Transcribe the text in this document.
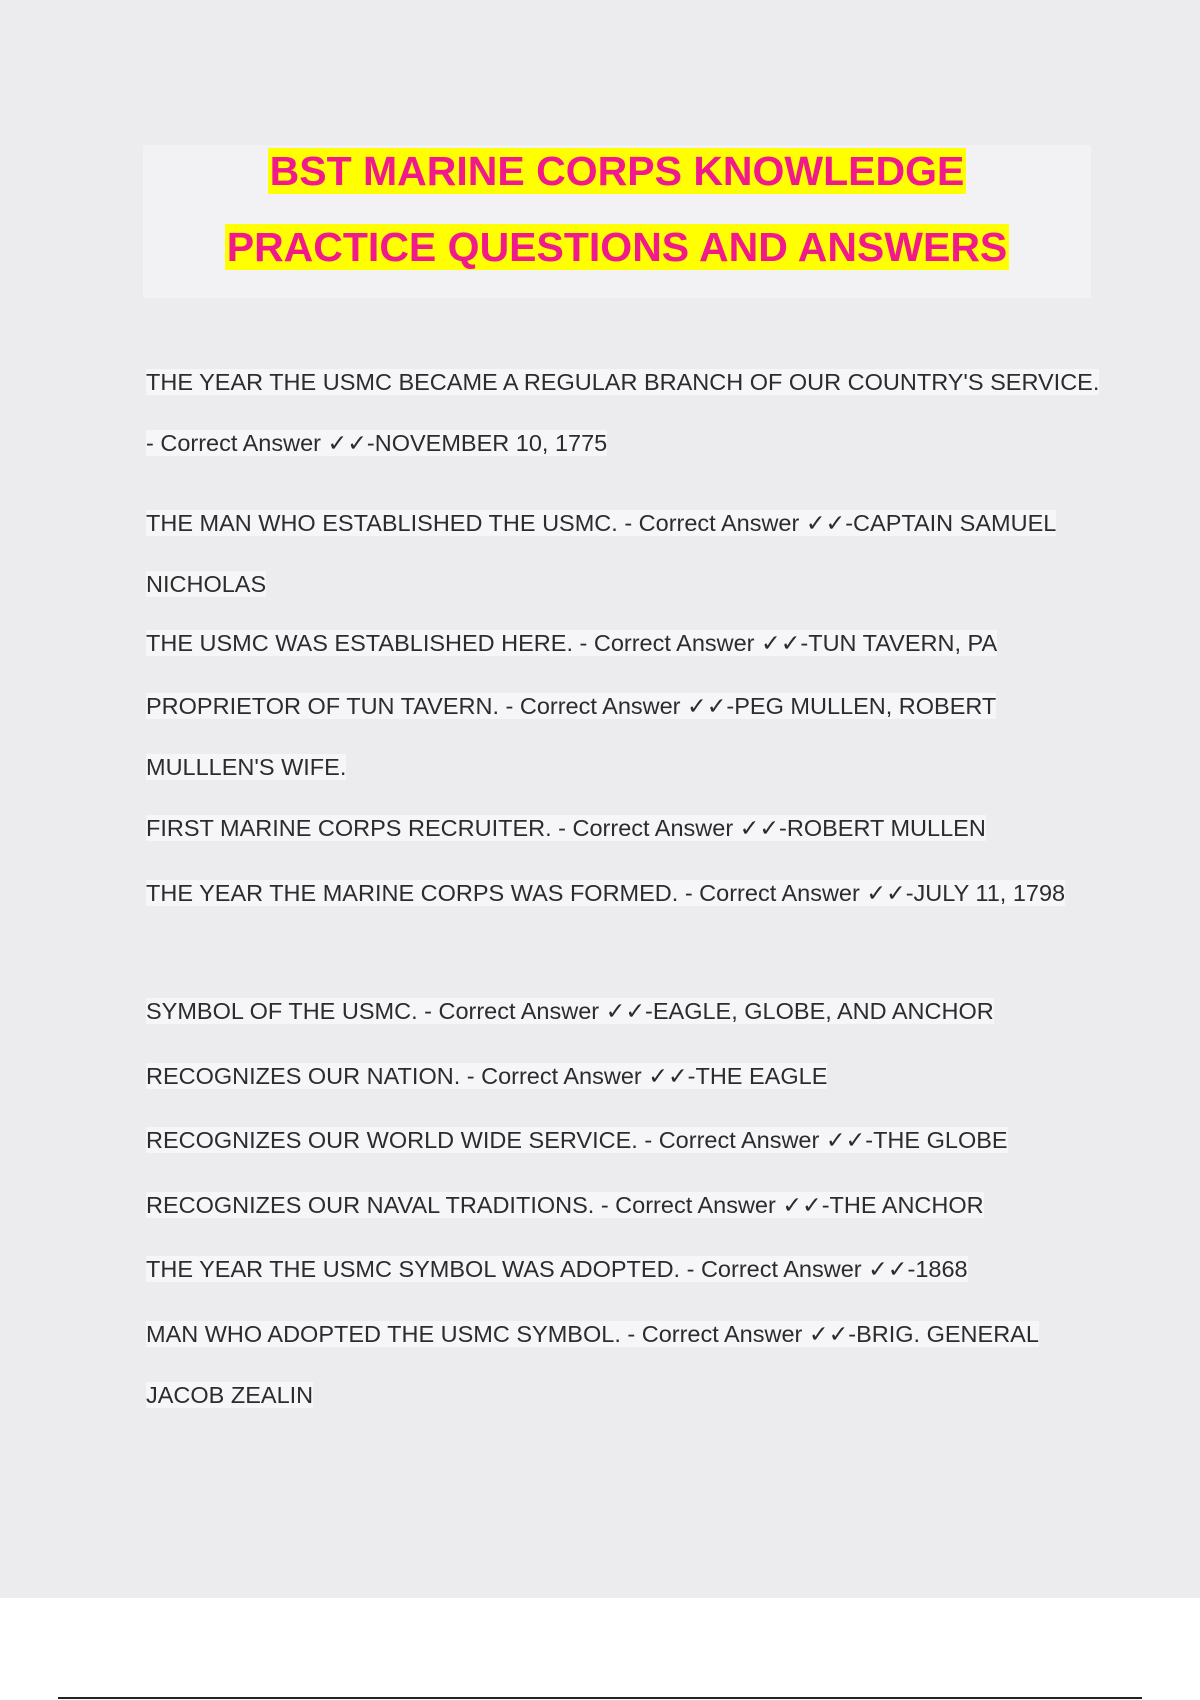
BST MARINE CORPS KNOWLEDGE
PRACTICE QUESTIONS AND ANSWERS

THE YEAR THE USMC BECAME A REGULAR BRANCH OF OUR COUNTRY'S SERVICE. - Correct Answer ✓✓-NOVEMBER 10, 1775

THE MAN WHO ESTABLISHED THE USMC. - Correct Answer ✓✓-CAPTAIN SAMUEL NICHOLAS

THE USMC WAS ESTABLISHED HERE. - Correct Answer ✓✓-TUN TAVERN, PA

PROPRIETOR OF TUN TAVERN. - Correct Answer ✓✓-PEG MULLEN, ROBERT MULLLEN'S WIFE.

FIRST MARINE CORPS RECRUITER. - Correct Answer ✓✓-ROBERT MULLEN

THE YEAR THE MARINE CORPS WAS FORMED. - Correct Answer ✓✓-JULY 11, 1798

SYMBOL OF THE USMC. - Correct Answer ✓✓-EAGLE, GLOBE, AND ANCHOR

RECOGNIZES OUR NATION. - Correct Answer ✓✓-THE EAGLE

RECOGNIZES OUR WORLD WIDE SERVICE. - Correct Answer ✓✓-THE GLOBE

RECOGNIZES OUR NAVAL TRADITIONS. - Correct Answer ✓✓-THE ANCHOR

THE YEAR THE USMC SYMBOL WAS ADOPTED. - Correct Answer ✓✓-1868

MAN WHO ADOPTED THE USMC SYMBOL. - Correct Answer ✓✓-BRIG. GENERAL JACOB ZEALIN
